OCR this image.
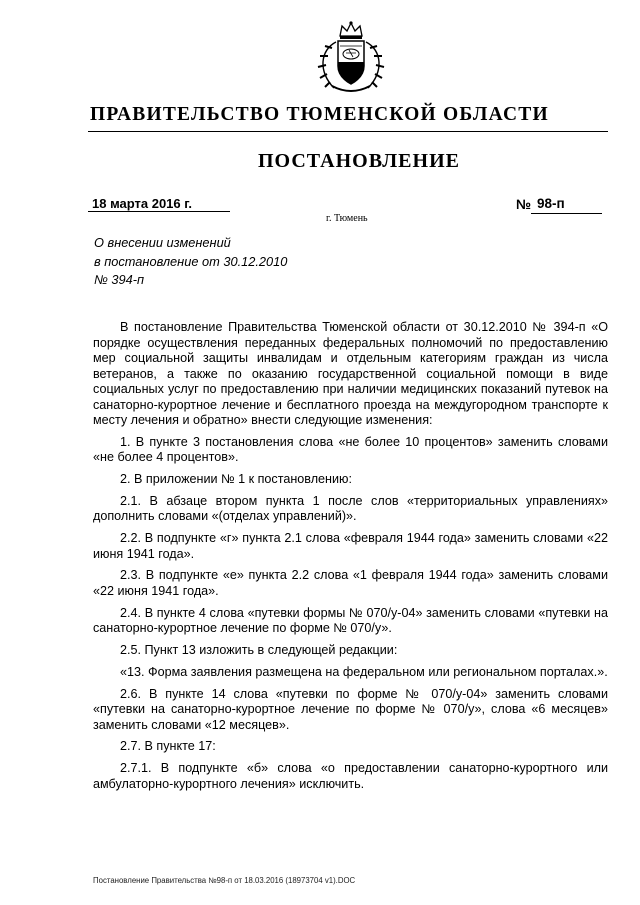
ПРАВИТЕЛЬСТВО ТЮМЕНСКОЙ ОБЛАСТИ
ПОСТАНОВЛЕНИЕ
18 марта 2016 г.	№ 98-п
г. Тюмень
О внесении изменений
в постановление от 30.12.2010
№ 394-п

В постановление Правительства Тюменской области от 30.12.2010 № 394-п «О порядке осуществления переданных федеральных полномочий по предоставлению мер социальной защиты инвалидам и отдельным категориям граждан из числа ветеранов, а также по оказанию государственной социальной помощи в виде социальных услуг по предоставлению при наличии медицинских показаний путевок на санаторно-курортное лечение и бесплатного проезда на междугородном транспорте к месту лечения и обратно» внести следующие изменения:

1. В пункте 3 постановления слова «не более 10 процентов» заменить словами «не более 4 процентов».

2. В приложении № 1 к постановлению:

2.1. В абзаце втором пункта 1 после слов «территориальных управлениях» дополнить словами «(отделах управлений)».

2.2. В подпункте «г» пункта 2.1 слова «февраля 1944 года» заменить словами «22 июня 1941 года».

2.3. В подпункте «е» пункта 2.2 слова «1 февраля 1944 года» заменить словами «22 июня 1941 года».

2.4. В пункте 4 слова «путевки формы № 070/у-04» заменить словами «путевки на санаторно-курортное лечение по форме № 070/у».

2.5. Пункт 13 изложить в следующей редакции:

«13. Форма заявления размещена на федеральном или региональном порталах.».

2.6. В пункте 14 слова «путевки по форме № 070/у-04» заменить словами «путевки на санаторно-курортное лечение по форме № 070/у», слова «6 месяцев» заменить словами «12 месяцев».

2.7. В пункте 17:

2.7.1. В подпункте «б» слова «о предоставлении санаторно-курортного или амбулаторно-курортного лечения» исключить.

Постановление Правительства №98-п от 18.03.2016 (18973704 v1).DOC
